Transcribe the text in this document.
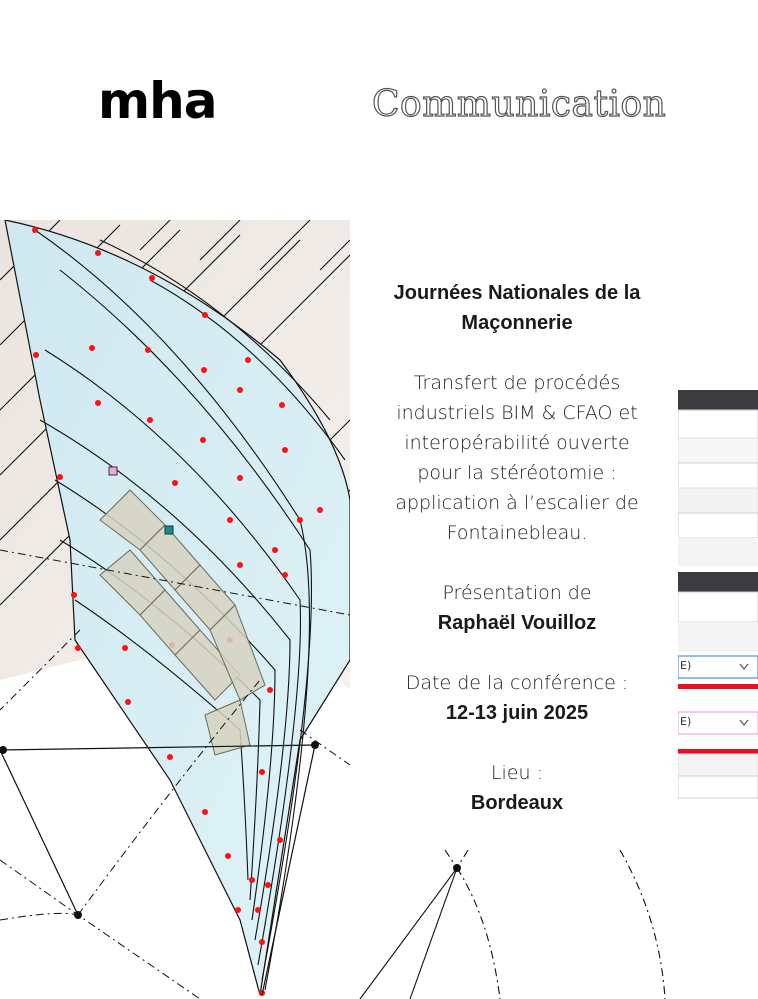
mha	Communication
E)
E)
Journées Nationales de la Maçonnerie
Transfert de procédés
industriels BIM & CFAO et
interopérabilité ouverte
pour la stéréotomie :
application à l’escalier de
Fontainebleau.
Présentation de
Raphaël Vouilloz
Date de la conférence :
12-13 juin 2025
Lieu :
Bordeaux
